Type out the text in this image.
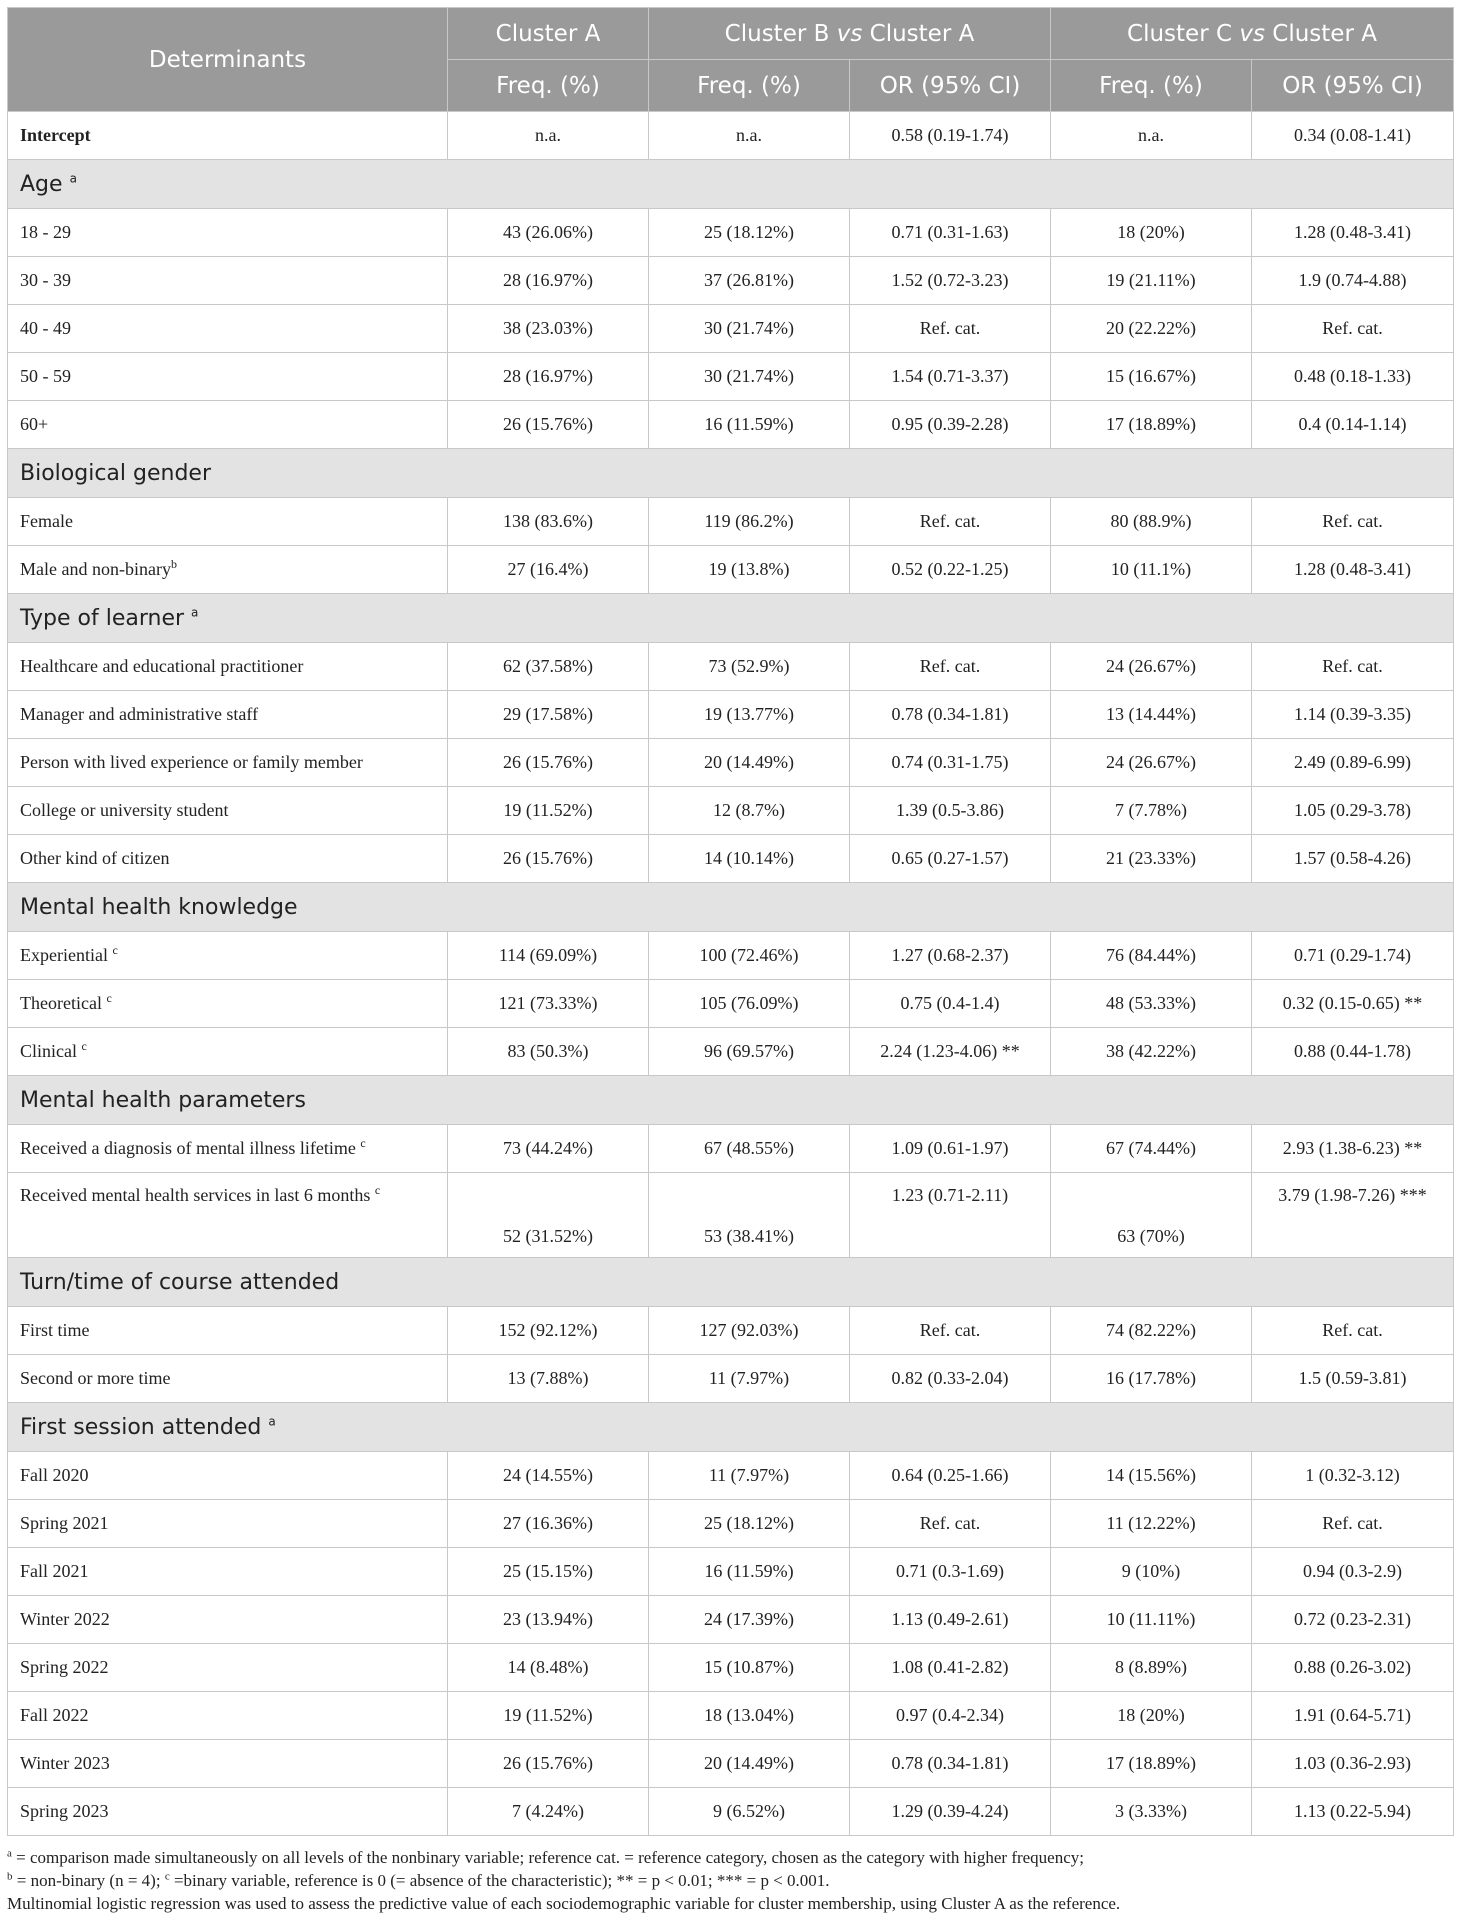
Determinants	Cluster A	Cluster B vs Cluster A		Cluster C vs Cluster A	
	Freq. (%)	Freq. (%)	OR (95% CI)	Freq. (%)	OR (95% CI)
Intercept	n.a.	n.a.	0.58 (0.19-1.74)	n.a.	0.34 (0.08-1.41)
Age $^a$
18 - 29	43 (26.06%)	25 (18.12%)	0.71 (0.31-1.63)	18 (20%)	1.28 (0.48-3.41)
30 - 39	28 (16.97%)	37 (26.81%)	1.52 (0.72-3.23)	19 (21.11%)	1.9 (0.74-4.88)
40 - 49	38 (23.03%)	30 (21.74%)	Ref. cat.	20 (22.22%)	Ref. cat.
50 - 59	28 (16.97%)	30 (21.74%)	1.54 (0.71-3.37)	15 (16.67%)	0.48 (0.18-1.33)
60+	26 (15.76%)	16 (11.59%)	0.95 (0.39-2.28)	17 (18.89%)	0.4 (0.14-1.14)
Biological gender					
Female	138 (83.6%)	119 (86.2%)	Ref. cat.	80 (88.9%)	Ref. cat.
Male and non-binary$^b$	27 (16.4%)	19 (13.8%)	0.52 (0.22-1.25)	10 (11.1%)	1.28 (0.48-3.41)
Type of learner $^a$
Healthcare and educational practitioner	62 (37.58%)	73 (52.9%)	Ref. cat.	24 (26.67%)	Ref. cat.
Manager and administrative staff	29 (17.58%)	19 (13.77%)	0.78 (0.34-1.81)	13 (14.44%)	1.14 (0.39-3.35)
Person with lived experience or family member	26 (15.76%)	20 (14.49%)	0.74 (0.31-1.75)	24 (26.67%)	2.49 (0.89-6.99)
College or university student	19 (11.52%)	12 (8.7%)	1.39 (0.5-3.86)	7 (7.78%)	1.05 (0.29-3.78)
Other kind of citizen	26 (15.76%)	14 (10.14%)	0.65 (0.27-1.57)	21 (23.33%)	1.57 (0.58-4.26)
Mental health knowledge					
Experiential $^c$	114 (69.09%)	100 (72.46%)	1.27 (0.68-2.37)	76 (84.44%)	0.71 (0.29-1.74)
Theoretical $^c$	121 (73.33%)	105 (76.09%)	0.75 (0.4-1.4)	48 (53.33%)	0.32 (0.15-0.65) **
Clinical $^c$	83 (50.3%)	96 (69.57%)	2.24 (1.23-4.06) **	38 (42.22%)	0.88 (0.44-1.78)
Mental health parameters					
Received a diagnosis of mental illness lifetime $^c$	73 (44.24%)	67 (48.55%)	1.09 (0.61-1.97)	67 (74.44%)	2.93 (1.38-6.23) **
Received mental health services in last 6 months $^c$	52 (31.52%)	53 (38.41%)	1.23 (0.71-2.11)	63 (70%)	3.79 (1.98-7.26) ***
Turn/time of course attended					
First time	152 (92.12%)	127 (92.03%)	Ref. cat.	74 (82.22%)	Ref. cat.
Second or more time	13 (7.88%)	11 (7.97%)	0.82 (0.33-2.04)	16 (17.78%)	1.5 (0.59-3.81)
First session attended $^a$
Fall 2020	24 (14.55%)	11 (7.97%)	0.64 (0.25-1.66)	14 (15.56%)	1 (0.32-3.12)
Spring 2021	27 (16.36%)	25 (18.12%)	Ref. cat.	11 (12.22%)	Ref. cat.
Fall 2021	25 (15.15%)	16 (11.59%)	0.71 (0.3-1.69)	9 (10%)	0.94 (0.3-2.9)
Winter 2022	23 (13.94%)	24 (17.39%)	1.13 (0.49-2.61)	10 (11.11%)	0.72 (0.23-2.31)
Spring 2022	14 (8.48%)	15 (10.87%)	1.08 (0.41-2.82)	8 (8.89%)	0.88 (0.26-3.02)
Fall 2022	19 (11.52%)	18 (13.04%)	0.97 (0.4-2.34)	18 (20%)	1.91 (0.64-5.71)
Winter 2023	26 (15.76%)	20 (14.49%)	0.78 (0.34-1.81)	17 (18.89%)	1.03 (0.36-2.93)
Spring 2023	7 (4.24%)	9 (6.52%)	1.29 (0.39-4.24)	3 (3.33%)	1.13 (0.22-5.94)
$^a$ = comparison made simultaneously on all levels of the nonbinary variable; reference cat. = reference category, chosen as the category with higher frequency;
$^b$ = non-binary (n = 4); $^c$ =binary variable, reference is 0 (= absence of the characteristic); ** = p < 0.01; *** = p < 0.001.
Multinomial logistic regression was used to assess the predictive value of each sociodemographic variable for cluster membership, using Cluster A as the reference.
